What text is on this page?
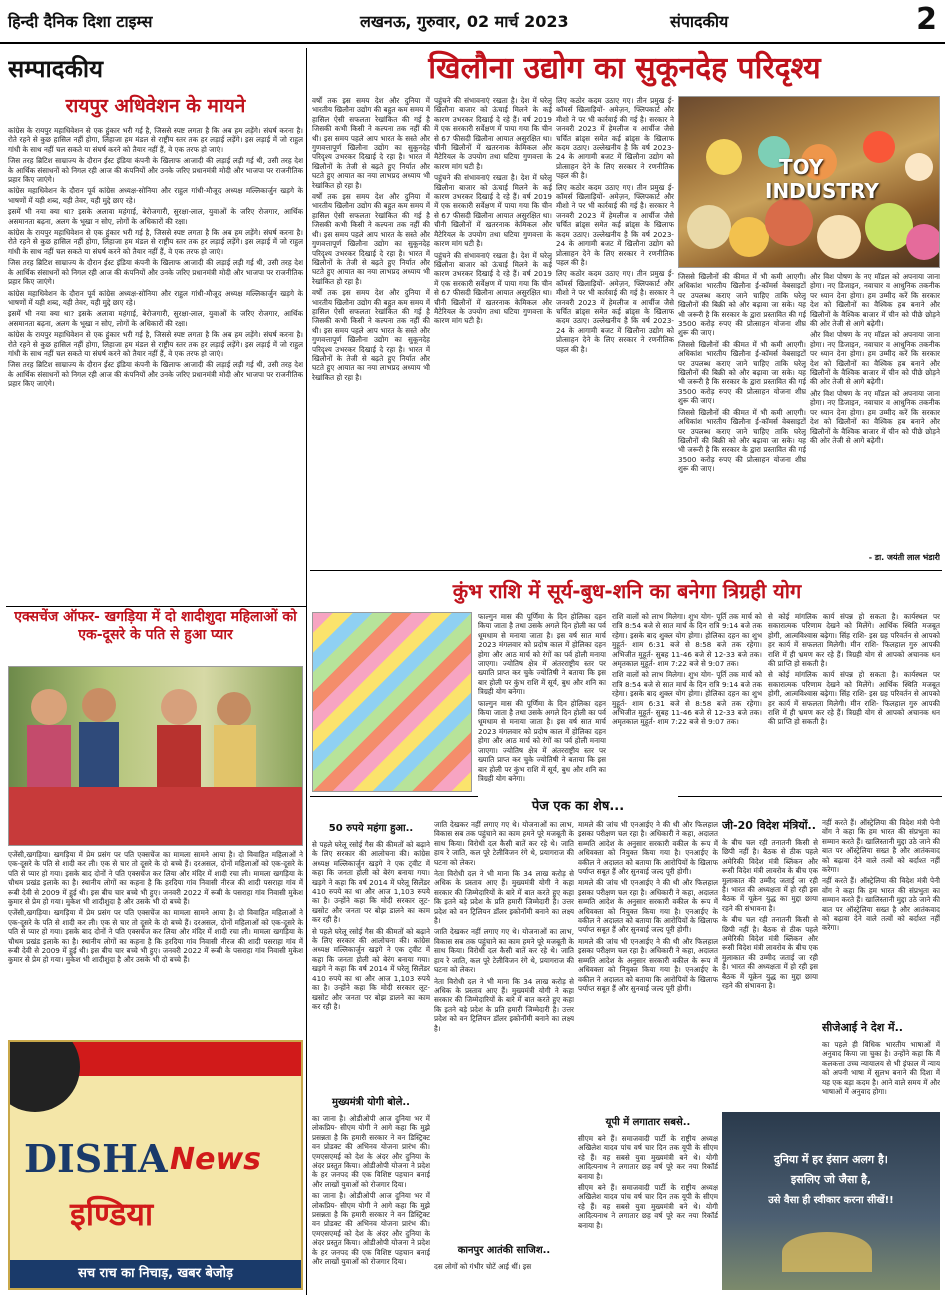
हिन्दी दैनिक दिशा टाइम्स	लखनऊ, गुरुवार, 02 मार्च 2023	संपादकीय	2
सम्पादकीय
रायपुर अधिवेशन के मायने

कांग्रेस के रायपुर महाधिवेशन से एक हुंकार भरी गई है, जिससे स्पष्ट लगता है कि अब हम लड़ेंगे। संघर्ष करना है। रोते रहने से कुछ हासिल नहीं होगा, लिहाजा हम मंडल से राष्ट्रीय स्तर तक हर लड़ाई लड़ेंगे। इस लड़ाई में जो राहुल गांधी के साथ नहीं चल सकते या संघर्ष करने को तैयार नहीं हैं, वे एक तरफ हो जाएं।

जिस तरह ब्रिटिश साम्राज्य के दौरान ईस्ट इंडिया कंपनी के खिलाफ आजादी की लड़ाई लड़ी गई थी, उसी तरह देश के आर्थिक संसाधनों को निगल रही आज की कंपनियों और उनके जरिए प्रधानमंत्री मोदी और भाजपा पर राजनीतिक प्रहार किए जाएंगे।

कांग्रेस महाधिवेशन के दौरान पूर्व कांग्रेस अध्यक्ष-सोनिया और राहुल गांधी-मौजूद अध्यक्ष मल्लिकार्जुन खड़गे के भाषणों में यही शब्द, यही तेवर, यही मुद्दे छाए रहे।

इसमें भी नया क्या था? इसके अलावा महंगाई, बेरोजगारी, सुरक्षा-लाल, युवाओं के जरिए रोजगार, आर्थिक असमानता बढ़ना, अलग के भूखा न सोए, लोगों के अधिकारों की रक्षा।

कांग्रेस के रायपुर महाधिवेशन से एक हुंकार भरी गई है, जिससे स्पष्ट लगता है कि अब हम लड़ेंगे। संघर्ष करना है। रोते रहने से कुछ हासिल नहीं होगा, लिहाजा हम मंडल से राष्ट्रीय स्तर तक हर लड़ाई लड़ेंगे। इस लड़ाई में जो राहुल गांधी के साथ नहीं चल सकते या संघर्ष करने को तैयार नहीं हैं, वे एक तरफ हो जाएं।

जिस तरह ब्रिटिश साम्राज्य के दौरान ईस्ट इंडिया कंपनी के खिलाफ आजादी की लड़ाई लड़ी गई थी, उसी तरह देश के आर्थिक संसाधनों को निगल रही आज की कंपनियों और उनके जरिए प्रधानमंत्री मोदी और भाजपा पर राजनीतिक प्रहार किए जाएंगे।

कांग्रेस महाधिवेशन के दौरान पूर्व कांग्रेस अध्यक्ष-सोनिया और राहुल गांधी-मौजूद अध्यक्ष मल्लिकार्जुन खड़गे के भाषणों में यही शब्द, यही तेवर, यही मुद्दे छाए रहे।

इसमें भी नया क्या था? इसके अलावा महंगाई, बेरोजगारी, सुरक्षा-लाल, युवाओं के जरिए रोजगार, आर्थिक असमानता बढ़ना, अलग के भूखा न सोए, लोगों के अधिकारों की रक्षा।

कांग्रेस के रायपुर महाधिवेशन से एक हुंकार भरी गई है, जिससे स्पष्ट लगता है कि अब हम लड़ेंगे। संघर्ष करना है। रोते रहने से कुछ हासिल नहीं होगा, लिहाजा हम मंडल से राष्ट्रीय स्तर तक हर लड़ाई लड़ेंगे। इस लड़ाई में जो राहुल गांधी के साथ नहीं चल सकते या संघर्ष करने को तैयार नहीं हैं, वे एक तरफ हो जाएं।

जिस तरह ब्रिटिश साम्राज्य के दौरान ईस्ट इंडिया कंपनी के खिलाफ आजादी की लड़ाई लड़ी गई थी, उसी तरह देश के आर्थिक संसाधनों को निगल रही आज की कंपनियों और उनके जरिए प्रधानमंत्री मोदी और भाजपा पर राजनीतिक प्रहार किए जाएंगे।

खिलौना उद्योग का सुकूनदेह परिदृश्य

वर्षों तक इस समय देश और दुनिया में भारतीय खिलौना उद्योग की बहुत कम समय में हासिल ऐसी सफलता रेखांकित की गई है जिसकी कभी किसी ने कल्पना तक नहीं की थी। इस समय पहले आप भारत के सस्ते और गुणवत्तापूर्ण खिलौना उद्योग का सुकूनदेह परिदृश्य उभरकर दिखाई दे रहा है। भारत में खिलौनों के तेजी से बढ़ते हुए निर्यात और घटते हुए आयात का नया लाभप्रद अध्याय भी रेखांकित हो रहा है।

वर्षों तक इस समय देश और दुनिया में भारतीय खिलौना उद्योग की बहुत कम समय में हासिल ऐसी सफलता रेखांकित की गई है जिसकी कभी किसी ने कल्पना तक नहीं की थी। इस समय पहले आप भारत के सस्ते और गुणवत्तापूर्ण खिलौना उद्योग का सुकूनदेह परिदृश्य उभरकर दिखाई दे रहा है। भारत में खिलौनों के तेजी से बढ़ते हुए निर्यात और घटते हुए आयात का नया लाभप्रद अध्याय भी रेखांकित हो रहा है।

वर्षों तक इस समय देश और दुनिया में भारतीय खिलौना उद्योग की बहुत कम समय में हासिल ऐसी सफलता रेखांकित की गई है जिसकी कभी किसी ने कल्पना तक नहीं की थी। इस समय पहले आप भारत के सस्ते और गुणवत्तापूर्ण खिलौना उद्योग का सुकूनदेह परिदृश्य उभरकर दिखाई दे रहा है। भारत में खिलौनों के तेजी से बढ़ते हुए निर्यात और घटते हुए आयात का नया लाभप्रद अध्याय भी रेखांकित हो रहा है।

पहुंचने की संभावनाएं रखता है। देश में घरेलू खिलौना बाजार को ऊंचाई मिलने के कई कारण उभरकर दिखाई दे रहे हैं। वर्ष 2019 में एक सरकारी सर्वेक्षण में पाया गया कि चीन से 67 फीसदी खिलौना आयात असुरक्षित था। चीनी खिलौनों में खतरनाक केमिकल और मैटेरियल के उपयोग तथा घटिया गुणवत्ता के कारण मांग घटी है।

पहुंचने की संभावनाएं रखता है। देश में घरेलू खिलौना बाजार को ऊंचाई मिलने के कई कारण उभरकर दिखाई दे रहे हैं। वर्ष 2019 में एक सरकारी सर्वेक्षण में पाया गया कि चीन से 67 फीसदी खिलौना आयात असुरक्षित था। चीनी खिलौनों में खतरनाक केमिकल और मैटेरियल के उपयोग तथा घटिया गुणवत्ता के कारण मांग घटी है।

पहुंचने की संभावनाएं रखता है। देश में घरेलू खिलौना बाजार को ऊंचाई मिलने के कई कारण उभरकर दिखाई दे रहे हैं। वर्ष 2019 में एक सरकारी सर्वेक्षण में पाया गया कि चीन से 67 फीसदी खिलौना आयात असुरक्षित था। चीनी खिलौनों में खतरनाक केमिकल और मैटेरियल के उपयोग तथा घटिया गुणवत्ता के कारण मांग घटी है।

लिए कठोर कदम उठाए गए। तीन प्रमुख ई-कॉमर्स खिलाड़ियों- अमेज़न, फ्लिपकार्ट और मीशो ने पर भी कार्रवाई की गई है। सरकार ने जनवरी 2023 में हेमलीज व आर्चीज जैसे चर्चित ब्रांड्स समेत कई ब्रांड्स के खिलाफ कदम उठाए। उल्लेखनीय है कि वर्ष 2023-24 के आगामी बजट में खिलौना उद्योग को प्रोत्साहन देने के लिए सरकार ने रणनीतिक पहल की है।

लिए कठोर कदम उठाए गए। तीन प्रमुख ई-कॉमर्स खिलाड़ियों- अमेज़न, फ्लिपकार्ट और मीशो ने पर भी कार्रवाई की गई है। सरकार ने जनवरी 2023 में हेमलीज व आर्चीज जैसे चर्चित ब्रांड्स समेत कई ब्रांड्स के खिलाफ कदम उठाए। उल्लेखनीय है कि वर्ष 2023-24 के आगामी बजट में खिलौना उद्योग को प्रोत्साहन देने के लिए सरकार ने रणनीतिक पहल की है।

लिए कठोर कदम उठाए गए। तीन प्रमुख ई-कॉमर्स खिलाड़ियों- अमेज़न, फ्लिपकार्ट और मीशो ने पर भी कार्रवाई की गई है। सरकार ने जनवरी 2023 में हेमलीज व आर्चीज जैसे चर्चित ब्रांड्स समेत कई ब्रांड्स के खिलाफ कदम उठाए। उल्लेखनीय है कि वर्ष 2023-24 के आगामी बजट में खिलौना उद्योग को प्रोत्साहन देने के लिए सरकार ने रणनीतिक पहल की है।

TOY
INDUSTRY

जिससे खिलौनों की कीमत में भी कमी आएगी। अधिकांश भारतीय खिलौना ई-कॉमर्स वेबसाइटों पर उपलब्ध कराए जाने चाहिए ताकि घरेलू खिलौनों की बिक्री को और बढ़ावा जा सके। यह भी जरूरी है कि सरकार के द्वारा प्रस्तावित की गई 3500 करोड़ रुपए की प्रोत्साहन योजना शीघ्र शुरू की जाए।

जिससे खिलौनों की कीमत में भी कमी आएगी। अधिकांश भारतीय खिलौना ई-कॉमर्स वेबसाइटों पर उपलब्ध कराए जाने चाहिए ताकि घरेलू खिलौनों की बिक्री को और बढ़ावा जा सके। यह भी जरूरी है कि सरकार के द्वारा प्रस्तावित की गई 3500 करोड़ रुपए की प्रोत्साहन योजना शीघ्र शुरू की जाए।

जिससे खिलौनों की कीमत में भी कमी आएगी। अधिकांश भारतीय खिलौना ई-कॉमर्स वेबसाइटों पर उपलब्ध कराए जाने चाहिए ताकि घरेलू खिलौनों की बिक्री को और बढ़ावा जा सके। यह भी जरूरी है कि सरकार के द्वारा प्रस्तावित की गई 3500 करोड़ रुपए की प्रोत्साहन योजना शीघ्र शुरू की जाए।

और विश पोषण के नए मॉडल को अपनाया जाना होगा। नए डिजाइन, नवाचार व आधुनिक तकनीक पर ध्यान देना होगा। हम उम्मीद करें कि सरकार देश को खिलौनों का वैश्विक हब बनाने और खिलौनों के वैश्विक बाजार में चीन को पीछे छोड़ने की ओर तेजी से आगे बढ़ेगी।

और विश पोषण के नए मॉडल को अपनाया जाना होगा। नए डिजाइन, नवाचार व आधुनिक तकनीक पर ध्यान देना होगा। हम उम्मीद करें कि सरकार देश को खिलौनों का वैश्विक हब बनाने और खिलौनों के वैश्विक बाजार में चीन को पीछे छोड़ने की ओर तेजी से आगे बढ़ेगी।

और विश पोषण के नए मॉडल को अपनाया जाना होगा। नए डिजाइन, नवाचार व आधुनिक तकनीक पर ध्यान देना होगा। हम उम्मीद करें कि सरकार देश को खिलौनों का वैश्विक हब बनाने और खिलौनों के वैश्विक बाजार में चीन को पीछे छोड़ने की ओर तेजी से आगे बढ़ेगी।

- डा. जयंती लाल भंडारी
कुंभ राशि में सूर्य-बुध-शनि का बनेगा त्रिग्रही योग

फाल्गुन मास की पूर्णिमा के दिन होलिका दहन किया जाता है तथा उसके अगले दिन होली का पर्व धूमधाम से मनाया जाता है। इस वर्ष सात मार्च 2023 मंगलवार को प्रदोष काल में होलिका दहन होगा और आठ मार्च को रंगों का पर्व होली मनाया जाएगा। ज्योतिष क्षेत्र में अंतरराष्ट्रीय स्तर पर ख्याति प्राप्त कर चुके ज्योतिषी ने बताया कि इस बार होली पर कुंभ राशि में सूर्य, बुध और शनि का त्रिग्रही योग बनेगा।

फाल्गुन मास की पूर्णिमा के दिन होलिका दहन किया जाता है तथा उसके अगले दिन होली का पर्व धूमधाम से मनाया जाता है। इस वर्ष सात मार्च 2023 मंगलवार को प्रदोष काल में होलिका दहन होगा और आठ मार्च को रंगों का पर्व होली मनाया जाएगा। ज्योतिष क्षेत्र में अंतरराष्ट्रीय स्तर पर ख्याति प्राप्त कर चुके ज्योतिषी ने बताया कि इस बार होली पर कुंभ राशि में सूर्य, बुध और शनि का त्रिग्रही योग बनेगा।

राशि वालों को लाभ मिलेगा। शुभ योग- पूर्ति तक मार्च को रात्रि 8:54 बजे से सात मार्च के दिन रात्रि 9:14 बजे तक रहेगा। इसके बाद शुक्ल योग होगा। होलिका दहन का शुभ मुहूर्त- शाम 6:31 बजे से 8:58 बजे तक रहेगा। अभिजीत मुहूर्त- सुबह 11-46 बजे से 12-33 बजे तक। अमृतकाल मुहूर्त- शाम 7:22 बजे से 9:07 तक।

राशि वालों को लाभ मिलेगा। शुभ योग- पूर्ति तक मार्च को रात्रि 8:54 बजे से सात मार्च के दिन रात्रि 9:14 बजे तक रहेगा। इसके बाद शुक्ल योग होगा। होलिका दहन का शुभ मुहूर्त- शाम 6:31 बजे से 8:58 बजे तक रहेगा। अभिजीत मुहूर्त- सुबह 11-46 बजे से 12-33 बजे तक। अमृतकाल मुहूर्त- शाम 7:22 बजे से 9:07 तक।

से कोई मांगलिक कार्य संपन्न हो सकता है। कार्यस्थल पर सकारात्मक परिणाम देखने को मिलेंगे। आर्थिक स्थिति मजबूत होगी, आत्मविश्वास बढ़ेगा। सिंह राशि- इस ग्रह परिवर्तन से आपको हर कार्य में सफलता मिलेगी। मीन राशि- फिलहाल गुरु आपकी राशि में ही भ्रमण कर रहे हैं। त्रिग्रही योग से आपको अचानक धन की प्राप्ति हो सकती है।

से कोई मांगलिक कार्य संपन्न हो सकता है। कार्यस्थल पर सकारात्मक परिणाम देखने को मिलेंगे। आर्थिक स्थिति मजबूत होगी, आत्मविश्वास बढ़ेगा। सिंह राशि- इस ग्रह परिवर्तन से आपको हर कार्य में सफलता मिलेगी। मीन राशि- फिलहाल गुरु आपकी राशि में ही भ्रमण कर रहे हैं। त्रिग्रही योग से आपको अचानक धन की प्राप्ति हो सकती है।

एक्सचेंज ऑफर- खगड़िया में दो शादीशुदा महिलाओं को एक-दूसरे के पति से हुआ प्यार

एजेंसी,खगड़िया। खगड़िया में प्रेम प्रसंग पर पति एक्सचेंज का मामला सामने आया है। दो विवाहित महिलाओं ने एक-दूसरे के पति से शादी कर ली। एक से चार तो दूसरे के दो बच्चे हैं। दरअसल, दोनों महिलाओं को एक-दूसरे के पति से प्यार हो गया। इसके बाद दोनों ने पति एक्सचेंज कर लिया और मंदिर में शादी रचा ली। मामला खगड़िया के चौथम प्रखंड इलाके का है। स्थानीय लोगों का कहना है कि हरदिया गांव निवासी नीरज की शादी पसराहा गांव में रूबी देवी से 2009 में हुई थी। इस बीच चार बच्चे भी हुए। जनवरी 2022 में रूबी के पसराहा गांव निवासी मुकेश कुमार से प्रेम हो गया। मुकेश भी शादीशुदा है और उसके भी दो बच्चे हैं।

एजेंसी,खगड़िया। खगड़िया में प्रेम प्रसंग पर पति एक्सचेंज का मामला सामने आया है। दो विवाहित महिलाओं ने एक-दूसरे के पति से शादी कर ली। एक से चार तो दूसरे के दो बच्चे हैं। दरअसल, दोनों महिलाओं को एक-दूसरे के पति से प्यार हो गया। इसके बाद दोनों ने पति एक्सचेंज कर लिया और मंदिर में शादी रचा ली। मामला खगड़िया के चौथम प्रखंड इलाके का है। स्थानीय लोगों का कहना है कि हरदिया गांव निवासी नीरज की शादी पसराहा गांव में रूबी देवी से 2009 में हुई थी। इस बीच चार बच्चे भी हुए। जनवरी 2022 में रूबी के पसराहा गांव निवासी मुकेश कुमार से प्रेम हो गया। मुकेश भी शादीशुदा है और उसके भी दो बच्चे हैं।

DISHA News
इण्डिया
सच राच का निचाड़, खबर बेजोड़
पेज एक का शेष...
50 रुपये महंगा हुआ..

से पहले घरेलू रसोई गैस की कीमतों को बढ़ाने के लिए सरकार की आलोचना की। कांग्रेस अध्यक्ष मल्लिकार्जुन खड़गे ने एक ट्वीट में कहा कि जनता होली को बेरंग बनाया गया। खड़गे ने कहा कि वर्ष 2014 में घरेलू सिलेंडर 410 रुपये का था और आज 1,103 रुपये का है। उन्होंने कहा कि मोदी सरकार लूट-खसोट और जनता पर बोझ डालने का काम कर रही है।

से पहले घरेलू रसोई गैस की कीमतों को बढ़ाने के लिए सरकार की आलोचना की। कांग्रेस अध्यक्ष मल्लिकार्जुन खड़गे ने एक ट्वीट में कहा कि जनता होली को बेरंग बनाया गया। खड़गे ने कहा कि वर्ष 2014 में घरेलू सिलेंडर 410 रुपये का था और आज 1,103 रुपये का है। उन्होंने कहा कि मोदी सरकार लूट-खसोट और जनता पर बोझ डालने का काम कर रही है।

मुख्यमंत्री योगी बोले..

का जाना है। ओडीओपी आज दुनिया भर में लोकप्रिय- सीएम योगी ने आगे कहा कि मुझे प्रसन्नता है कि हमारी सरकार ने वन डिस्ट्रिक्ट वन प्रोडक्ट की अभिनव योजना प्रारंभ की। एमएसएमई को देश के अंदर और दुनिया के अंदर प्रस्तुत किया। ओडीओपी योजना ने प्रदेश के हर जनपद की एक विशिष्ट पहचान बनाई और लाखों युवाओं को रोजगार दिया।

का जाना है। ओडीओपी आज दुनिया भर में लोकप्रिय- सीएम योगी ने आगे कहा कि मुझे प्रसन्नता है कि हमारी सरकार ने वन डिस्ट्रिक्ट वन प्रोडक्ट की अभिनव योजना प्रारंभ की। एमएसएमई को देश के अंदर और दुनिया के अंदर प्रस्तुत किया। ओडीओपी योजना ने प्रदेश के हर जनपद की एक विशिष्ट पहचान बनाई और लाखों युवाओं को रोजगार दिया।

जाति देखकर नहीं लगाए गए थे। योजनाओं का लाभ, विकास सब तक पहुंचाने का काम हमने पूरे मजबूती के साथ किया। विरोधी दल कैसी बातें कर रहे थे। जाति हाय रे जाति, कल पूरे टेलीविजन रंगे थे, प्रयागराज की घटना को लेकर।

नेता विरोधी दल ने भी माना कि 34 लाख करोड़ से अधिक के प्रस्ताव आए हैं। मुख्यमंत्री योगी ने कहा सरकार की जिम्मेदारियों के बारे में बात करते हुए कहा कि इतने बड़े प्रदेश के प्रति हमारी जिम्मेदारी है। उत्तर प्रदेश को वन ट्रिलियन डॉलर इकोनॉमी बनाने का लक्ष्य है।

जाति देखकर नहीं लगाए गए थे। योजनाओं का लाभ, विकास सब तक पहुंचाने का काम हमने पूरे मजबूती के साथ किया। विरोधी दल कैसी बातें कर रहे थे। जाति हाय रे जाति, कल पूरे टेलीविजन रंगे थे, प्रयागराज की घटना को लेकर।

नेता विरोधी दल ने भी माना कि 34 लाख करोड़ से अधिक के प्रस्ताव आए हैं। मुख्यमंत्री योगी ने कहा सरकार की जिम्मेदारियों के बारे में बात करते हुए कहा कि इतने बड़े प्रदेश के प्रति हमारी जिम्मेदारी है। उत्तर प्रदेश को वन ट्रिलियन डॉलर इकोनॉमी बनाने का लक्ष्य है।

कानपुर आतंकी साजिश..
दस लोगों को गंभीर चोटें आई थीं। इस

मामले की जांच भी एनआईए ने की थी और फिलहाल इसका परीक्षण चल रहा है। अधिकारी ने कहा, अदालत सम्मति आदेश के अनुसार सरकारी वकील के रूप में अधिवक्ता को नियुक्त किया गया है। एनआईए के वकील ने अदालत को बताया कि आरोपियों के खिलाफ पर्याप्त सबूत हैं और सुनवाई जल्द पूरी होगी।

मामले की जांच भी एनआईए ने की थी और फिलहाल इसका परीक्षण चल रहा है। अधिकारी ने कहा, अदालत सम्मति आदेश के अनुसार सरकारी वकील के रूप में अधिवक्ता को नियुक्त किया गया है। एनआईए के वकील ने अदालत को बताया कि आरोपियों के खिलाफ पर्याप्त सबूत हैं और सुनवाई जल्द पूरी होगी।

मामले की जांच भी एनआईए ने की थी और फिलहाल इसका परीक्षण चल रहा है। अधिकारी ने कहा, अदालत सम्मति आदेश के अनुसार सरकारी वकील के रूप में अधिवक्ता को नियुक्त किया गया है। एनआईए के वकील ने अदालत को बताया कि आरोपियों के खिलाफ पर्याप्त सबूत हैं और सुनवाई जल्द पूरी होगी।

यूपी में लगातार सबसे..

सीएम बने हैं। समाजवादी पार्टी के राष्ट्रीय अध्यक्ष अखिलेश यादव पांच वर्ष चार दिन तक यूपी के सीएम रहे हैं। वह सबसे युवा मुख्यमंत्री बने थे। योगी आदित्यनाथ ने लगातार छह वर्ष पूरे कर नया रिकॉर्ड बनाया है।

सीएम बने हैं। समाजवादी पार्टी के राष्ट्रीय अध्यक्ष अखिलेश यादव पांच वर्ष चार दिन तक यूपी के सीएम रहे हैं। वह सबसे युवा मुख्यमंत्री बने थे। योगी आदित्यनाथ ने लगातार छह वर्ष पूरे कर नया रिकॉर्ड बनाया है।

जी-20 विदेश मंत्रियों..

के बीच चल रही तनातनी किसी से छिपी नहीं है। बैठक से ठीक पहले अमेरिकी विदेश मंत्री ब्लिंकन और रूसी विदेश मंत्री लावरोव के बीच एक मुलाकात की उम्मीद जताई जा रही है। भारत की अध्यक्षता में हो रही इस बैठक में यूक्रेन युद्ध का मुद्दा छाया रहने की संभावना है।

के बीच चल रही तनातनी किसी से छिपी नहीं है। बैठक से ठीक पहले अमेरिकी विदेश मंत्री ब्लिंकन और रूसी विदेश मंत्री लावरोव के बीच एक मुलाकात की उम्मीद जताई जा रही है। भारत की अध्यक्षता में हो रही इस बैठक में यूक्रेन युद्ध का मुद्दा छाया रहने की संभावना है।

नहीं करते हैं। ऑस्ट्रेलिया की विदेश मंत्री पेनी वोंग ने कहा कि हम भारत की संप्रभुता का सम्मान करते हैं। खालिस्तानी मुद्दा उठे जाने की बात पर ऑस्ट्रेलिया सख्त है और आतंकवाद को बढ़ावा देने वाले तत्वों को बर्दाश्त नहीं करेगा।

नहीं करते हैं। ऑस्ट्रेलिया की विदेश मंत्री पेनी वोंग ने कहा कि हम भारत की संप्रभुता का सम्मान करते हैं। खालिस्तानी मुद्दा उठे जाने की बात पर ऑस्ट्रेलिया सख्त है और आतंकवाद को बढ़ावा देने वाले तत्वों को बर्दाश्त नहीं करेगा।

सीजेआई ने देश में..

का पहले ही विधिक भारतीय भाषाओं में अनुवाद किया जा चुका है। उन्होंने कहा कि मैं कलकत्ता उच्च न्यायालय से भी इंफाल में न्याय को अपनी भाषा में सुलभ बनाने की दिशा में यह एक बड़ा कदम है। आने वाले समय में और भाषाओं में अनुवाद होगा।

दुनिया में हर इंसान अलग है।
इसलिए जो जैसा है,
उसे वैसा ही स्वीकार करना सीखें!!
